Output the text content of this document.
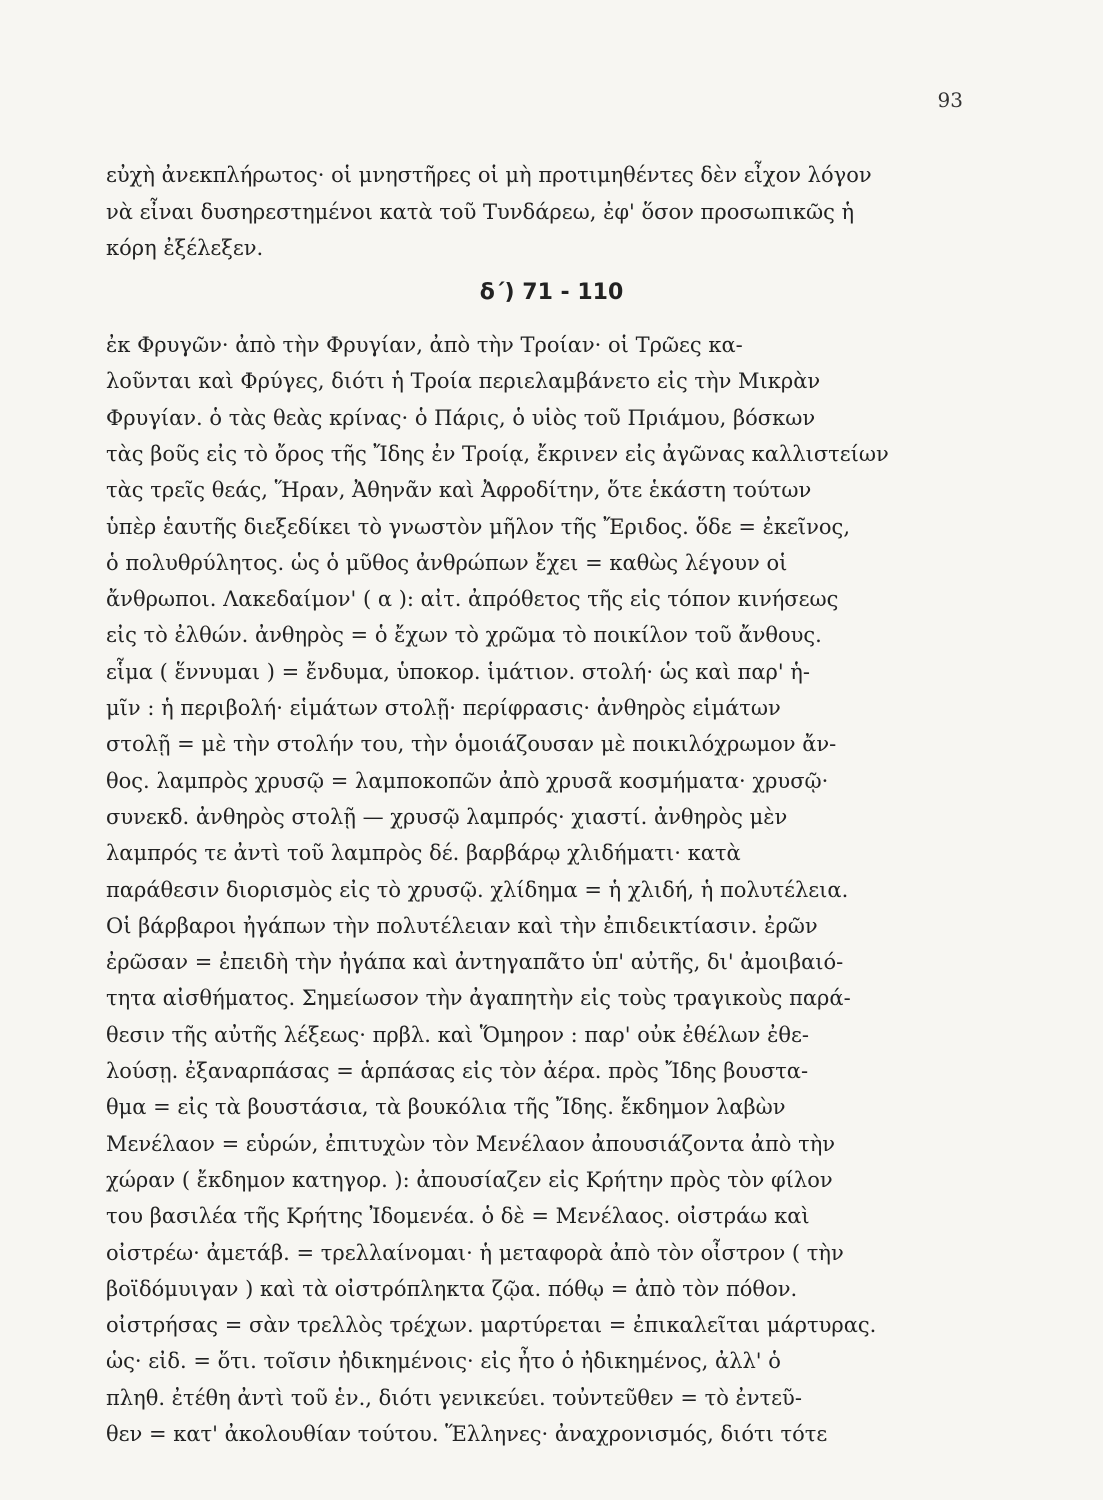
93
εὐχὴ ἀνεκπλήρωτος· οἱ μνηστῆρες οἱ μὴ προτιμηθέντες δὲν εἶχον λόγον
νὰ εἶναι δυσηρεστημένοι κατὰ τοῦ Τυνδάρεω, ἐφ' ὅσον προσωπικῶς ἡ
κόρη ἐξέλεξεν.
δ΄) 71 - 110
ἐκ Φρυγῶν· ἀπὸ τὴν Φρυγίαν, ἀπὸ τὴν Τροίαν· οἱ Τρῶες κα-
λοῦνται καὶ Φρύγες, διότι ἡ Τροία περιελαμβάνετο εἰς τὴν Μικρὰν
Φρυγίαν. ὁ τὰς θεὰς κρίνας· ὁ Πάρις, ὁ υἱὸς τοῦ Πριάμου, βόσκων
τὰς βοῦς εἰς τὸ ὄρος τῆς Ἴδης ἐν Τροίᾳ, ἔκρινεν εἰς ἀγῶνας καλλιστείων
τὰς τρεῖς θεάς, Ἥραν, Ἀθηνᾶν καὶ Ἀφροδίτην, ὅτε ἑκάστη τούτων
ὑπὲρ ἑαυτῆς διεξεδίκει τὸ γνωστὸν μῆλον τῆς Ἔριδος. ὅδε = ἐκεῖνος,
ὁ πολυθρύλητος. ὡς ὁ μῦθος ἀνθρώπων ἔχει = καθὼς λέγουν οἱ
ἄνθρωποι. Λακεδαίμον' ( α ): αἰτ. ἀπρόθετος τῆς εἰς τόπον κινήσεως
εἰς τὸ ἐλθών. ἀνθηρὸς = ὁ ἔχων τὸ χρῶμα τὸ ποικίλον τοῦ ἄνθους.
εἷμα ( ἕννυμαι ) = ἔνδυμα, ὑποκορ. ἱμάτιον. στολή· ὡς καὶ παρ' ἡ-
μῖν : ἡ περιβολή· εἱμάτων στολῇ· περίφρασις· ἀνθηρὸς εἱμάτων
στολῇ = μὲ τὴν στολήν του, τὴν ὁμοιάζουσαν μὲ ποικιλόχρωμον ἄν-
θος. λαμπρὸς χρυσῷ = λαμποκοπῶν ἀπὸ χρυσᾶ κοσμήματα· χρυσῷ·
συνεκδ. ἀνθηρὸς στολῇ — χρυσῷ λαμπρός· χιαστί. ἀνθηρὸς μὲν
λαμπρός τε ἀντὶ τοῦ λαμπρὸς δέ. βαρβάρῳ χλιδήματι· κατὰ
παράθεσιν διορισμὸς εἰς τὸ χρυσῷ. χλίδημα = ἡ χλιδή, ἡ πολυτέλεια.
Οἱ βάρβαροι ἠγάπων τὴν πολυτέλειαν καὶ τὴν ἐπιδεικτίασιν. ἐρῶν
ἐρῶσαν = ἐπειδὴ τὴν ἠγάπα καὶ ἀντηγαπᾶτο ὑπ' αὐτῆς, δι' ἀμοιβαιό-
τητα αἰσθήματος. Σημείωσον τὴν ἀγαπητὴν εἰς τοὺς τραγικοὺς παρά-
θεσιν τῆς αὐτῆς λέξεως· πρβλ. καὶ Ὅμηρον : παρ' οὐκ ἐθέλων ἐθε-
λούσῃ. ἐξαναρπάσας = ἁρπάσας εἰς τὸν ἀέρα. πρὸς Ἴδης βουστα-
θμα = εἰς τὰ βουστάσια, τὰ βουκόλια τῆς Ἴδης. ἔκδημον λαβὼν
Μενέλαον = εὑρών, ἐπιτυχὼν τὸν Μενέλαον ἀπουσιάζοντα ἀπὸ τὴν
χώραν ( ἔκδημον κατηγορ. ): ἀπουσίαζεν εἰς Κρήτην πρὸς τὸν φίλον
του βασιλέα τῆς Κρήτης Ἰδομενέα. ὁ δὲ = Μενέλαος. οἰστράω καὶ
οἰστρέω· ἀμετάβ. = τρελλαίνομαι· ἡ μεταφορὰ ἀπὸ τὸν οἶστρον ( τὴν
βοϊδόμυιγαν ) καὶ τὰ οἰστρόπληκτα ζῷα. πόθῳ = ἀπὸ τὸν πόθον.
οἰστρήσας = σὰν τρελλὸς τρέχων. μαρτύρεται = ἐπικαλεῖται μάρτυρας.
ὡς· εἰδ. = ὅτι. τοῖσιν ἠδικημένοις· εἰς ἦτο ὁ ἠδικημένος, ἀλλ' ὁ
πληθ. ἐτέθη ἀντὶ τοῦ ἑν., διότι γενικεύει. τοὐντεῦθεν = τὸ ἐντεῦ-
θεν = κατ' ἀκολουθίαν τούτου. Ἕλληνες· ἀναχρονισμός, διότι τότε
